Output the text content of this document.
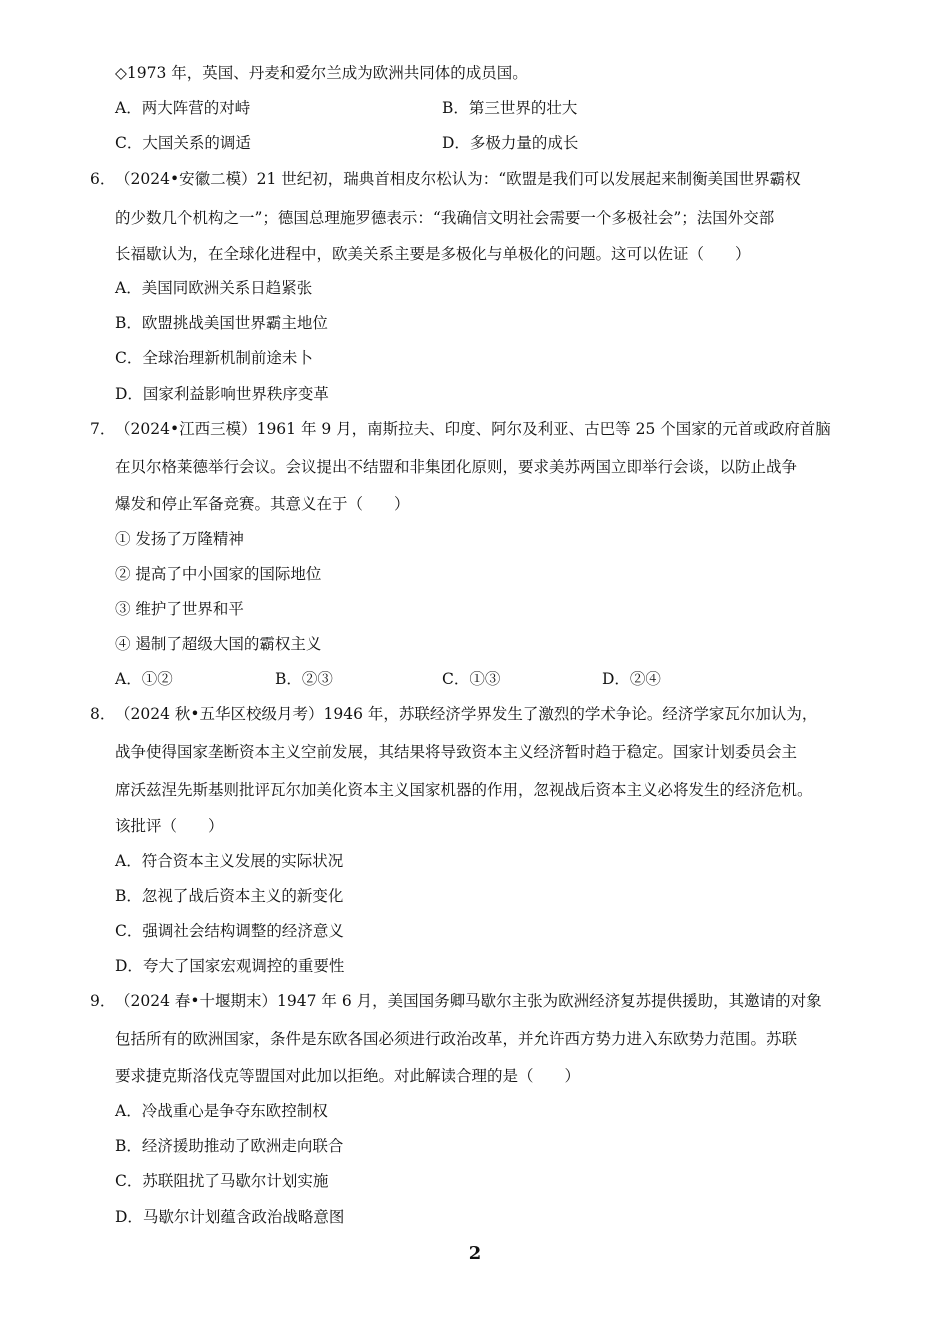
◇1973 年，英国、丹麦和爱尔兰成为欧洲共同体的成员国。
A．两大阵营的对峙	B．第三世界的壮大
C．大国关系的调适	D．多极力量的成长
6． （2024•安徽二模）21 世纪初，瑞典首相皮尔松认为：“欧盟是我们可以发展起来制衡美国世界霸权
的少数几个机构之一”；德国总理施罗德表示：“我确信文明社会需要一个多极社会”；法国外交部
长福歇认为，在全球化进程中，欧美关系主要是多极化与单极化的问题。这可以佐证（　　）
A．美国同欧洲关系日趋紧张
B．欧盟挑战美国世界霸主地位
C．全球治理新机制前途未卜
D．国家利益影响世界秩序变革
7． （2024•江西三模）1961 年 9 月，南斯拉夫、印度、阿尔及利亚、古巴等 25 个国家的元首或政府首脑
在贝尔格莱德举行会议。会议提出不结盟和非集团化原则，要求美苏两国立即举行会谈，以防止战争
爆发和停止军备竞赛。其意义在于（　　）
① 发扬了万隆精神
② 提高了中小国家的国际地位
③ 维护了世界和平
④ 遏制了超级大国的霸权主义
A．①②	B．②③	C．①③	D．②④
8． （2024 秋•五华区校级月考）1946 年，苏联经济学界发生了激烈的学术争论。经济学家瓦尔加认为，
战争使得国家垄断资本主义空前发展，其结果将导致资本主义经济暂时趋于稳定。国家计划委员会主
席沃兹涅先斯基则批评瓦尔加美化资本主义国家机器的作用，忽视战后资本主义必将发生的经济危机。
该批评（　　）
A．符合资本主义发展的实际状况
B．忽视了战后资本主义的新变化
C．强调社会结构调整的经济意义
D．夸大了国家宏观调控的重要性
9． （2024 春•十堰期末）1947 年 6 月，美国国务卿马歇尔主张为欧洲经济复苏提供援助，其邀请的对象
包括所有的欧洲国家，条件是东欧各国必须进行政治改革，并允许西方势力进入东欧势力范围。苏联
要求捷克斯洛伐克等盟国对此加以拒绝。对此解读合理的是（　　）
A．冷战重心是争夺东欧控制权
B．经济援助推动了欧洲走向联合
C．苏联阻扰了马歇尔计划实施
D．马歇尔计划蕴含政治战略意图
2
